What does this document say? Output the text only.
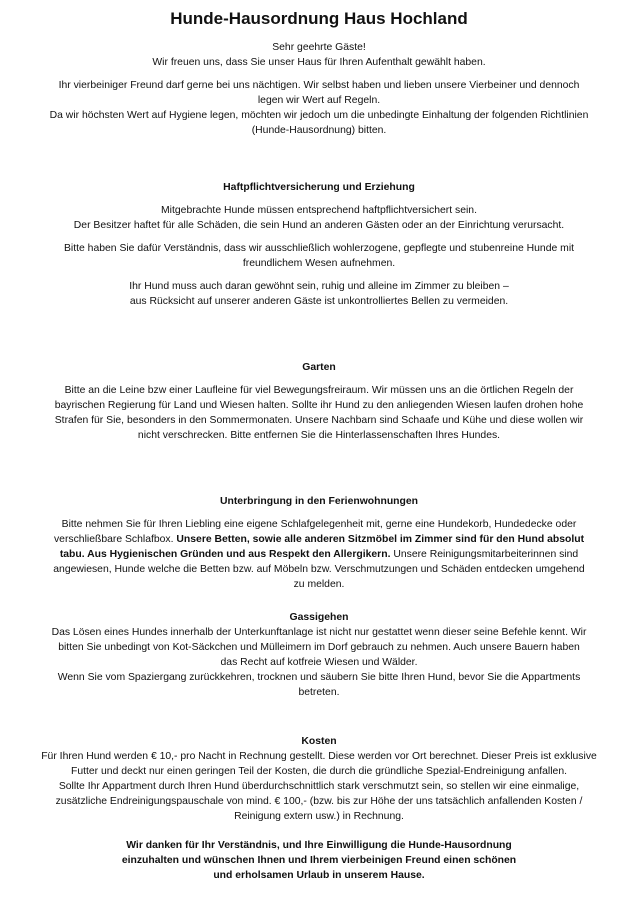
Hunde-Hausordnung Haus Hochland

Sehr geehrte Gäste!

Wir freuen uns, dass Sie unser Haus für Ihren Aufenthalt gewählt haben.

Ihr vierbeiniger Freund darf gerne bei uns nächtigen. Wir selbst haben und lieben unsere Vierbeiner und dennoch

legen wir Wert auf Regeln.

Da wir höchsten Wert auf Hygiene legen, möchten wir jedoch um die unbedingte Einhaltung der folgenden Richtlinien

(Hunde-Hausordnung) bitten.

Haftpflichtversicherung und Erziehung

Mitgebrachte Hunde müssen entsprechend haftpflichtversichert sein.

Der Besitzer haftet für alle Schäden, die sein Hund an anderen Gästen oder an der Einrichtung verursacht.

Bitte haben Sie dafür Verständnis, dass wir ausschließlich wohlerzogene, gepflegte und stubenreine Hunde mit

freundlichem Wesen aufnehmen.

Ihr Hund muss auch daran gewöhnt sein, ruhig und alleine im Zimmer zu bleiben –

aus Rücksicht auf unserer anderen Gäste ist unkontrolliertes Bellen zu vermeiden.

Garten

Bitte an die Leine bzw einer Laufleine für viel Bewegungsfreiraum. Wir müssen uns an die örtlichen Regeln der

bayrischen Regierung für Land und Wiesen halten. Sollte ihr Hund zu den anliegenden Wiesen laufen drohen hohe

Strafen für Sie, besonders in den Sommermonaten. Unsere Nachbarn sind Schaafe und Kühe und diese wollen wir

nicht verschrecken. Bitte entfernen Sie die Hinterlassenschaften Ihres Hundes.

Unterbringung in den Ferienwohnungen

Bitte nehmen Sie für Ihren Liebling eine eigene Schlafgelegenheit mit, gerne eine Hundekorb, Hundedecke oder

verschließbare Schlafbox. Unsere Betten, sowie alle anderen Sitzmöbel im Zimmer sind für den Hund absolut

tabu. Aus Hygienischen Gründen und aus Respekt den Allergikern. Unsere Reinigungsmitarbeiterinnen sind

angewiesen, Hunde welche die Betten bzw. auf Möbeln bzw. Verschmutzungen und Schäden entdecken umgehend

zu melden.

Gassigehen

Das Lösen eines Hundes innerhalb der Unterkunftanlage ist nicht nur gestattet wenn dieser seine Befehle kennt. Wir

bitten Sie unbedingt von Kot-Säckchen und Mülleimern im Dorf gebrauch zu nehmen. Auch unsere Bauern haben

das Recht auf kotfreie Wiesen und Wälder.

Wenn Sie vom Spaziergang zurückkehren, trocknen und säubern Sie bitte Ihren Hund, bevor Sie die Appartments

betreten.

Kosten

Für Ihren Hund werden € 10,- pro Nacht in Rechnung gestellt. Diese werden vor Ort berechnet. Dieser Preis ist exklusive

Futter und deckt nur einen geringen Teil der Kosten, die durch die gründliche Spezial-Endreinigung anfallen.

Sollte Ihr Appartment durch Ihren Hund überdurchschnittlich stark verschmutzt sein, so stellen wir eine einmalige,

zusätzliche Endreinigungspauschale von mind. € 100,- (bzw. bis zur Höhe der uns tatsächlich anfallenden Kosten /

Reinigung extern usw.) in Rechnung.

Wir danken für Ihr Verständnis, und Ihre Einwilligung die Hunde-Hausordnung

einzuhalten und wünschen Ihnen und Ihrem vierbeinigen Freund einen schönen

und erholsamen Urlaub in unserem Hause.
